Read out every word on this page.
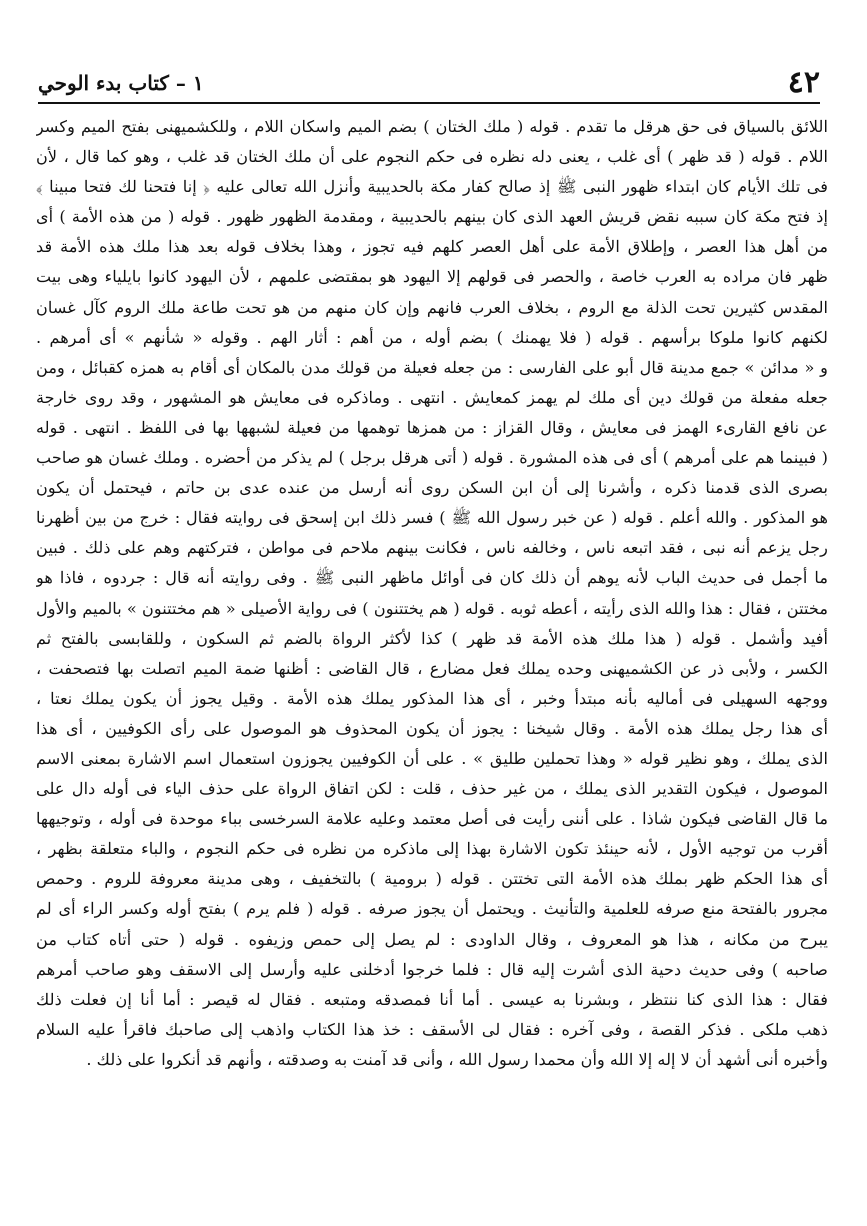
٤٢
١ – كتاب بدء الوحي
اللائق بالسياق فى حق هرقل ما تقدم . قوله ( ملك الختان ) بضم الميم واسكان اللام ، وللكشميهنى بفتح الميم وكسر
اللام . قوله ( قد ظهر ) أى غلب ، يعنى دله نظره فى حكم النجوم على أن ملك الختان قد غلب ، وهو كما قال ، لأن
فى تلك الأيام كان ابتداء ظهور النبى ﷺ إذ صالح كفار مكة بالحديبية وأنزل الله تعالى عليه ﴿ إنا فتحنا لك فتحا مبينا ﴾
إذ فتح مكة كان سببه نقض قريش العهد الذى كان بينهم بالحديبية ، ومقدمة الظهور ظهور . قوله ( من هذه الأمة ) أى
من أهل هذا العصر ، وإطلاق الأمة على أهل العصر كلهم فيه تجوز ، وهذا بخلاف قوله بعد هذا ملك هذه الأمة قد
ظهر فان مراده به العرب خاصة ، والحصر فى قولهم إلا اليهود هو بمقتضى علمهم ، لأن اليهود كانوا بايلياء وهى بيت
المقدس كثيرين تحت الذلة مع الروم ، بخلاف العرب فانهم وإن كان منهم من هو تحت طاعة ملك الروم كآل غسان
لكنهم كانوا ملوكا برأسهم . قوله ( فلا يهمنك ) بضم أوله ، من أهم : أثار الهم . وقوله « شأنهم » أى أمرهم .
و « مدائن » جمع مدينة قال أبو على الفارسى : من جعله فعيلة من قولك مدن بالمكان أى أقام به همزه كقبائل ، ومن
جعله مفعلة من قولك دين أى ملك لم يهمز كمعايش . انتهى . وماذكره فى معايش هو المشهور ، وقد روى خارجة
عن نافع القارىء الهمز فى معايش ، وقال القزاز : من همزها توهمها من فعيلة لشبهها بها فى اللفظ . انتهى . قوله
( فبينما هم على أمرهم ) أى فى هذه المشورة . قوله ( أتى هرقل برجل ) لم يذكر من أحضره . وملك غسان هو صاحب
بصرى الذى قدمنا ذكره ، وأشرنا إلى أن ابن السكن روى أنه أرسل من عنده عدى بن حاتم ، فيحتمل أن يكون
هو المذكور . والله أعلم . قوله ( عن خبر رسول الله ﷺ ) فسر ذلك ابن إسحق فى روايته فقال : خرج من بين أظهرنا
رجل يزعم أنه نبى ، فقد اتبعه ناس ، وخالفه ناس ، فكانت بينهم ملاحم فى مواطن ، فتركتهم وهم على ذلك . فبين
ما أجمل فى حديث الباب لأنه يوهم أن ذلك كان فى أوائل ماظهر النبى ﷺ . وفى روايته أنه قال : جردوه ، فاذا هو
مختتن ، فقال : هذا والله الذى رأيته ، أعطه ثوبه . قوله ( هم يختتنون ) فى رواية الأصيلى « هم مختتنون » بالميم والأول
أفيد وأشمل . قوله ( هذا ملك هذه الأمة قد ظهر ) كذا لأكثر الرواة بالضم ثم السكون ، وللقابسى بالفتح ثم
الكسر ، ولأبى ذر عن الكشميهنى وحده يملك فعل مضارع ، قال القاضى : أظنها ضمة الميم اتصلت بها فتصحفت ،
ووجهه السهيلى فى أماليه بأنه مبتدأ وخبر ، أى هذا المذكور يملك هذه الأمة . وقيل يجوز أن يكون يملك نعتا ،
أى هذا رجل يملك هذه الأمة . وقال شيخنا : يجوز أن يكون المحذوف هو الموصول على رأى الكوفيين ، أى هذا
الذى يملك ، وهو نظير قوله « وهذا تحملين طليق » . على أن الكوفيين يجوزون استعمال اسم الاشارة بمعنى الاسم
الموصول ، فيكون التقدير الذى يملك ، من غير حذف ، قلت : لكن اتفاق الرواة على حذف الياء فى أوله دال على
ما قال القاضى فيكون شاذا . على أننى رأيت فى أصل معتمد وعليه علامة السرخسى بباء موحدة فى أوله ، وتوجيهها
أقرب من توجيه الأول ، لأنه حينئذ تكون الاشارة بهذا إلى ماذكره من نظره فى حكم النجوم ، والباء متعلقة بظهر ،
أى هذا الحكم ظهر بملك هذه الأمة التى تختتن . قوله ( برومية ) بالتخفيف ، وهى مدينة معروفة للروم . وحمص
مجرور بالفتحة منع صرفه للعلمية والتأنيث . ويحتمل أن يجوز صرفه . قوله ( فلم يرم ) بفتح أوله وكسر الراء أى لم
يبرح من مكانه ، هذا هو المعروف ، وقال الداودى : لم يصل إلى حمص وزيفوه . قوله ( حتى أتاه كتاب من
صاحبه ) وفى حديث دحية الذى أشرت إليه قال : فلما خرجوا أدخلنى عليه وأرسل إلى الاسقف وهو صاحب أمرهم
فقال : هذا الذى كنا ننتظر ، وبشرنا به عيسى . أما أنا فمصدقه ومتبعه . فقال له قيصر : أما أنا إن فعلت ذلك
ذهب ملكى . فذكر القصة ، وفى آخره : فقال لى الأسقف : خذ هذا الكتاب واذهب إلى صاحبك فاقرأ عليه السلام
وأخبره أنى أشهد أن لا إله إلا الله وأن محمدا رسول الله ، وأنى قد آمنت به وصدقته ، وأنهم قد أنكروا على ذلك .
